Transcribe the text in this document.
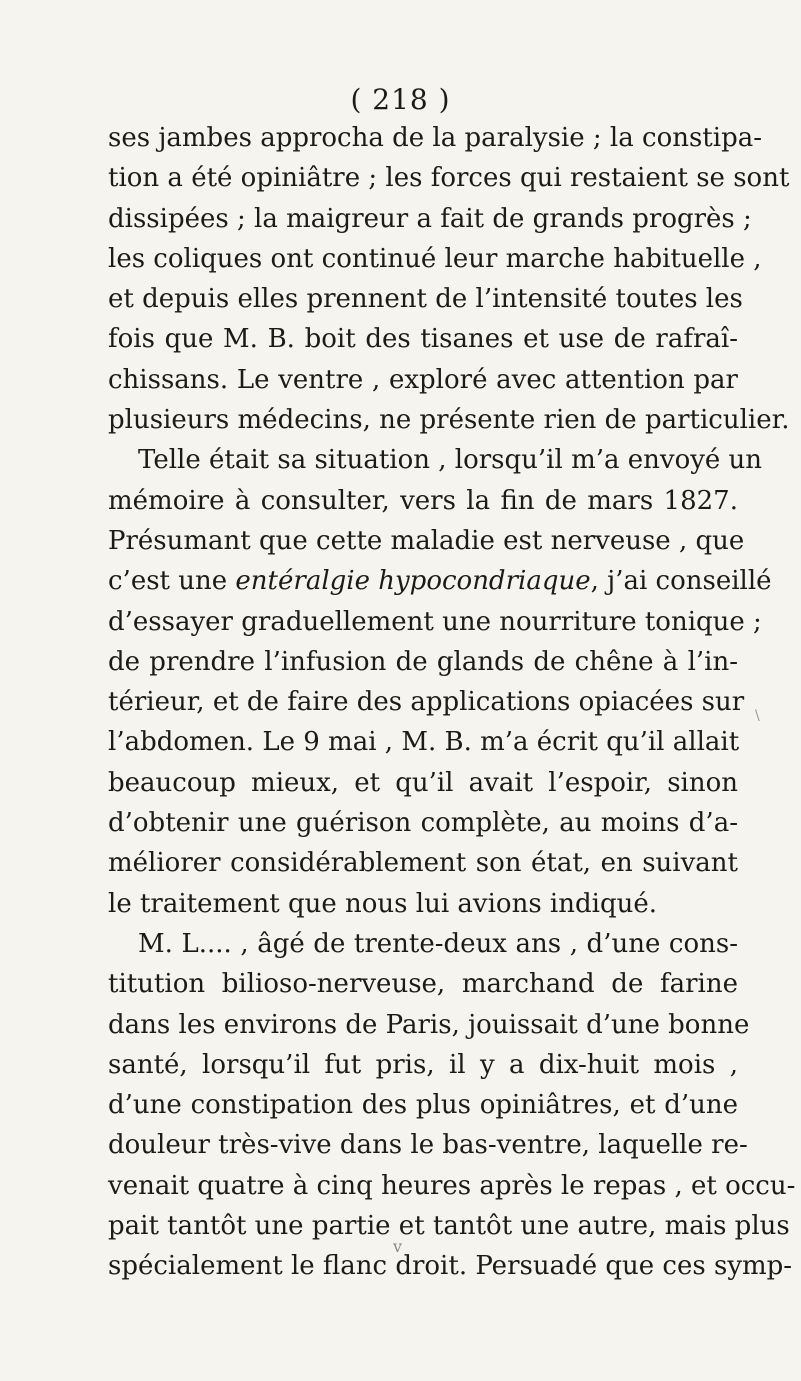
( 218 )
ses jambes approcha de la paralysie ; la constipa-
tion a été opiniâtre ; les forces qui restaient se sont
dissipées ; la maigreur a fait de grands progrès ;
les coliques ont continué leur marche habituelle ,
et depuis elles prennent de l’intensité toutes les
fois que M. B. boit des tisanes et use de rafraî-
chissans. Le ventre , exploré avec attention par
plusieurs médecins, ne présente rien de particulier.
Telle était sa situation , lorsqu’il m’a envoyé un
mémoire à consulter, vers la fin de mars 1827.
Présumant que cette maladie est nerveuse , que
c’est une entéralgie hypocondriaque, j’ai conseillé
d’essayer graduellement une nourriture tonique ;
de prendre l’infusion de glands de chêne à l’in-
térieur, et de faire des applications opiacées sur
l’abdomen. Le 9 mai , M. B. m’a écrit qu’il allait
beaucoup mieux, et qu’il avait l’espoir, sinon
d’obtenir une guérison complète, au moins d’a-
méliorer considérablement son état, en suivant
le traitement que nous lui avions indiqué.
M. L.... , âgé de trente-deux ans , d’une cons-
titution bilioso-nerveuse, marchand de farine
dans les environs de Paris, jouissait d’une bonne
santé, lorsqu’il fut pris, il y a dix-huit mois ,
d’une constipation des plus opiniâtres, et d’une
douleur très-vive dans le bas-ventre, laquelle re-
venait quatre à cinq heures après le repas , et occu-
pait tantôt une partie et tantôt une autre, mais plus
spécialement le flanc droit. Persuadé que ces symp-
\
v
